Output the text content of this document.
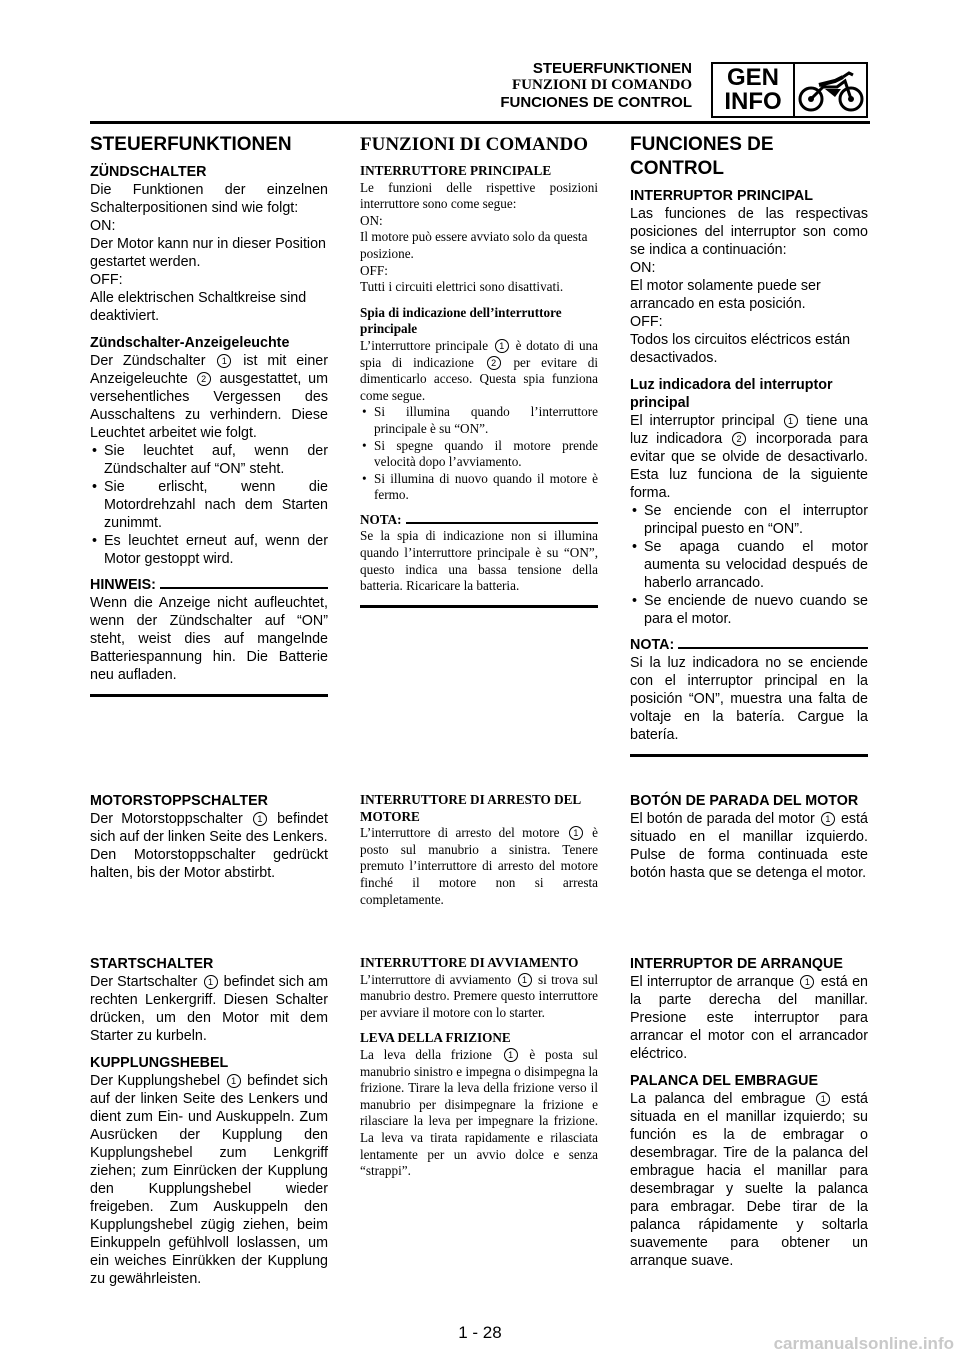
STEUERFUNKTIONEN
FUNZIONI DI COMANDO
FUNCIONES DE CONTROL
GEN
INFO
STEUERFUNKTIONEN

ZÜNDSCHALTER

Die Funktionen der einzelnen Schalterpositionen sind wie folgt:

ON:

Der Motor kann nur in dieser Position gestartet werden.

OFF:

Alle elektrischen Schaltkreise sind deaktiviert.

Zündschalter-Anzeigeleuchte

Der Zündschalter 1 ist mit einer Anzeigeleuchte 2 ausgestattet, um versehentliches Vergessen des Ausschaltens zu verhindern. Diese Leuchtet arbeitet wie folgt.

• Sie leuchtet auf, wenn der Zündschalter auf “ON” steht.
• Sie erlischt, wenn die Motordrehzahl nach dem Starten zunimmt.
• Es leuchtet erneut auf, wenn der Motor gestoppt wird.
HINWEIS:

Wenn die Anzeige nicht aufleuchtet, wenn der Zündschalter auf “ON” steht, weist dies auf mangelnde Batteriespannung hin. Die Batterie neu aufladen.

FUNZIONI DI COMANDO

INTERRUTTORE PRINCIPALE

Le funzioni delle rispettive posizioni interruttore sono come segue:

ON:

Il motore può essere avviato solo da questa posizione.

OFF:

Tutti i circuiti elettrici sono disattivati.

Spia di indicazione dell’interruttore principale

L’interruttore principale 1 è dotato di una spia di indicazione 2 per evitare di dimenticarlo acceso. Questa spia funziona come segue.

• Si illumina quando l’interruttore principale è su “ON”.
• Si spegne quando il motore prende velocità dopo l’avviamento.
• Si illumina di nuovo quando il motore è fermo.
NOTA:

Se la spia di indicazione non si illumina quando l’interruttore principale è su “ON”, questo indica una bassa tensione della batteria. Ricaricare la batteria.

FUNCIONES DE CONTROL

INTERRUPTOR PRINCIPAL

Las funciones de las respectivas posiciones del interruptor son como se indica a continuación:

ON:

El motor solamente puede ser arrancado en esta posición.

OFF:

Todos los circuitos eléctricos están desactivados.

Luz indicadora del interruptor principal

El interruptor principal 1 tiene una luz indicadora 2 incorporada para evitar que se olvide de desactivarlo. Esta luz funciona de la siguiente forma.

• Se enciende con el interruptor principal puesto en “ON”.
• Se apaga cuando el motor aumenta su velocidad después de haberlo arrancado.
• Se enciende de nuevo cuando se para el motor.
NOTA:

Si la luz indicadora no se enciende con el interruptor principal en la posición “ON”, muestra una falta de voltaje en la batería. Cargue la batería.

MOTORSTOPPSCHALTER

Der Motorstoppschalter 1 befindet sich auf der linken Seite des Lenkers.

Den Motorstoppschalter gedrückt halten, bis der Motor abstirbt.

INTERRUTTORE DI ARRESTO DEL MOTORE

L’interruttore di arresto del motore 1 è posto sul manubrio a sinistra. Tenere premuto l’interruttore di arresto del motore finché il motore non si arresta completamente.

BOTÓN DE PARADA DEL MOTOR

El botón de parada del motor 1 está situado en el manillar izquierdo. Pulse de forma continuada este botón hasta que se detenga el motor.

STARTSCHALTER

Der Startschalter 1 befindet sich am rechten Lenkergriff. Diesen Schalter drücken, um den Motor mit dem Starter zu kurbeln.

KUPPLUNGSHEBEL

Der Kupplungshebel 1 befindet sich auf der linken Seite des Lenkers und dient zum Ein- und Auskuppeln. Zum Ausrücken der Kupplung den Kupplungshebel zum Lenkgriff ziehen; zum Einrücken der Kupplung den Kupplungshebel wieder freigeben. Zum Auskuppeln den Kupplungshebel zügig ziehen, beim Einkuppeln gefühlvoll loslassen, um ein weiches Einrükken der Kupplung zu gewährleisten.

INTERRUTTORE DI AVVIAMENTO

L’interruttore di avviamento 1 si trova sul manubrio destro. Premere questo interruttore per avviare il motore con lo starter.

LEVA DELLA FRIZIONE

La leva della frizione 1 è posta sul manubrio sinistro e impegna o disimpegna la frizione. Tirare la leva della frizione verso il manubrio per disimpegnare la frizione e rilasciare la leva per impegnare la frizione. La leva va tirata rapidamente e rilasciata lentamente per un avvio dolce e senza “strappi”.

INTERRUPTOR DE ARRANQUE

El interruptor de arranque 1 está en la parte derecha del manillar. Presione este interruptor para arrancar el motor con el arrancador eléctrico.

PALANCA DEL EMBRAGUE

La palanca del embrague 1 está situada en el manillar izquierdo; su función es la de embragar o desembragar. Tire de la palanca del embrague hacia el manillar para desembragar y suelte la palanca para embragar. Debe tirar de la palanca rápidamente y soltarla suavemente para obtener un arranque suave.

1 - 28
carmanualsonline.info
